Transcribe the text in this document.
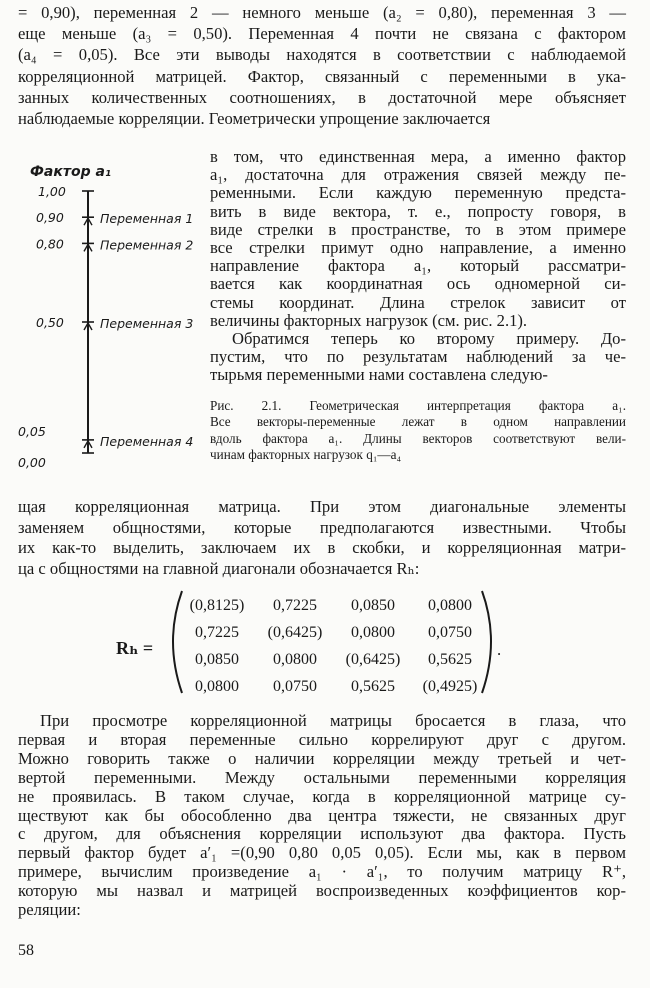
= 0,90), переменная 2 — немного меньше (a₂ = 0,80), переменная 3 —
еще меньше (a₃ = 0,50). Переменная 4 почти не связана с фактором
(a₄ = 0,05). Все эти выводы находятся в соответствии с наблюдаемой
корреляционной матрицей. Фактор, связанный с переменными в ука-
занных количественных соотношениях, в достаточной мере объясняет
наблюдаемые корреляции. Геометрически упрощение заключается
в том, что единственная мера, а именно фактор
a₁, достаточна для отражения связей между пе-
ременными. Если каждую переменную предста-
вить в виде вектора, т. е., попросту говоря, в
виде стрелки в пространстве, то в этом примере
все стрелки примут одно направление, а именно
направление фактора a₁, который рассматри-
вается как координатная ось одномерной си-
стемы координат. Длина стрелок зависит от
величины факторных нагрузок (см. рис. 2.1).
Обратимся теперь ко второму примеру. До-
пустим, что по результатам наблюдений за че-
тырьмя переменными нами составлена следую-
Фактор a₁
1,00
0,90	Переменная 1
0,80	Переменная 2
0,50	Переменная 3
0,05
Переменная 4
0,00
Рис. 2.1. Геометрическая интерпретация фактора a₁.
Все векторы-переменные лежат в одном направлении
вдоль фактора a₁. Длины векторов соответствуют вели-
чинам факторных нагрузок q₁—a₄
щая корреляционная матрица. При этом диагональные элементы
заменяем общностями, которые предполагаются известными. Чтобы
их как-то выделить, заключаем их в скобки, и корреляционная матри-
ца с общностями на главной диагонали обозначается Rₕ:
Rₕ =
(0,8125)	0,7225	0,0850	0,0800
0,7225	(0,6425)	0,0800	0,0750
0,0850	0,0800	(0,6425)	0,5625
0,0800	0,0750	0,5625	(0,4925)
.
При просмотре корреляционной матрицы бросается в глаза, что
первая и вторая переменные сильно коррелируют друг с другом.
Можно говорить также о наличии корреляции между третьей и чет-
вертой переменными. Между остальными переменными корреляция
не проявилась. В таком случае, когда в корреляционной матрице су-
ществуют как бы обособленно два центра тяжести, не связанных друг
с другом, для объяснения корреляции используют два фактора. Пусть
первый фактор будет a′₁ =(0,90 0,80 0,05 0,05). Если мы, как в первом
примере, вычислим произведение a₁ · a′₁, то получим матрицу R⁺,
которую мы назвал и матрицей воспроизведенных коэффициентов кор-
реляции:
58
